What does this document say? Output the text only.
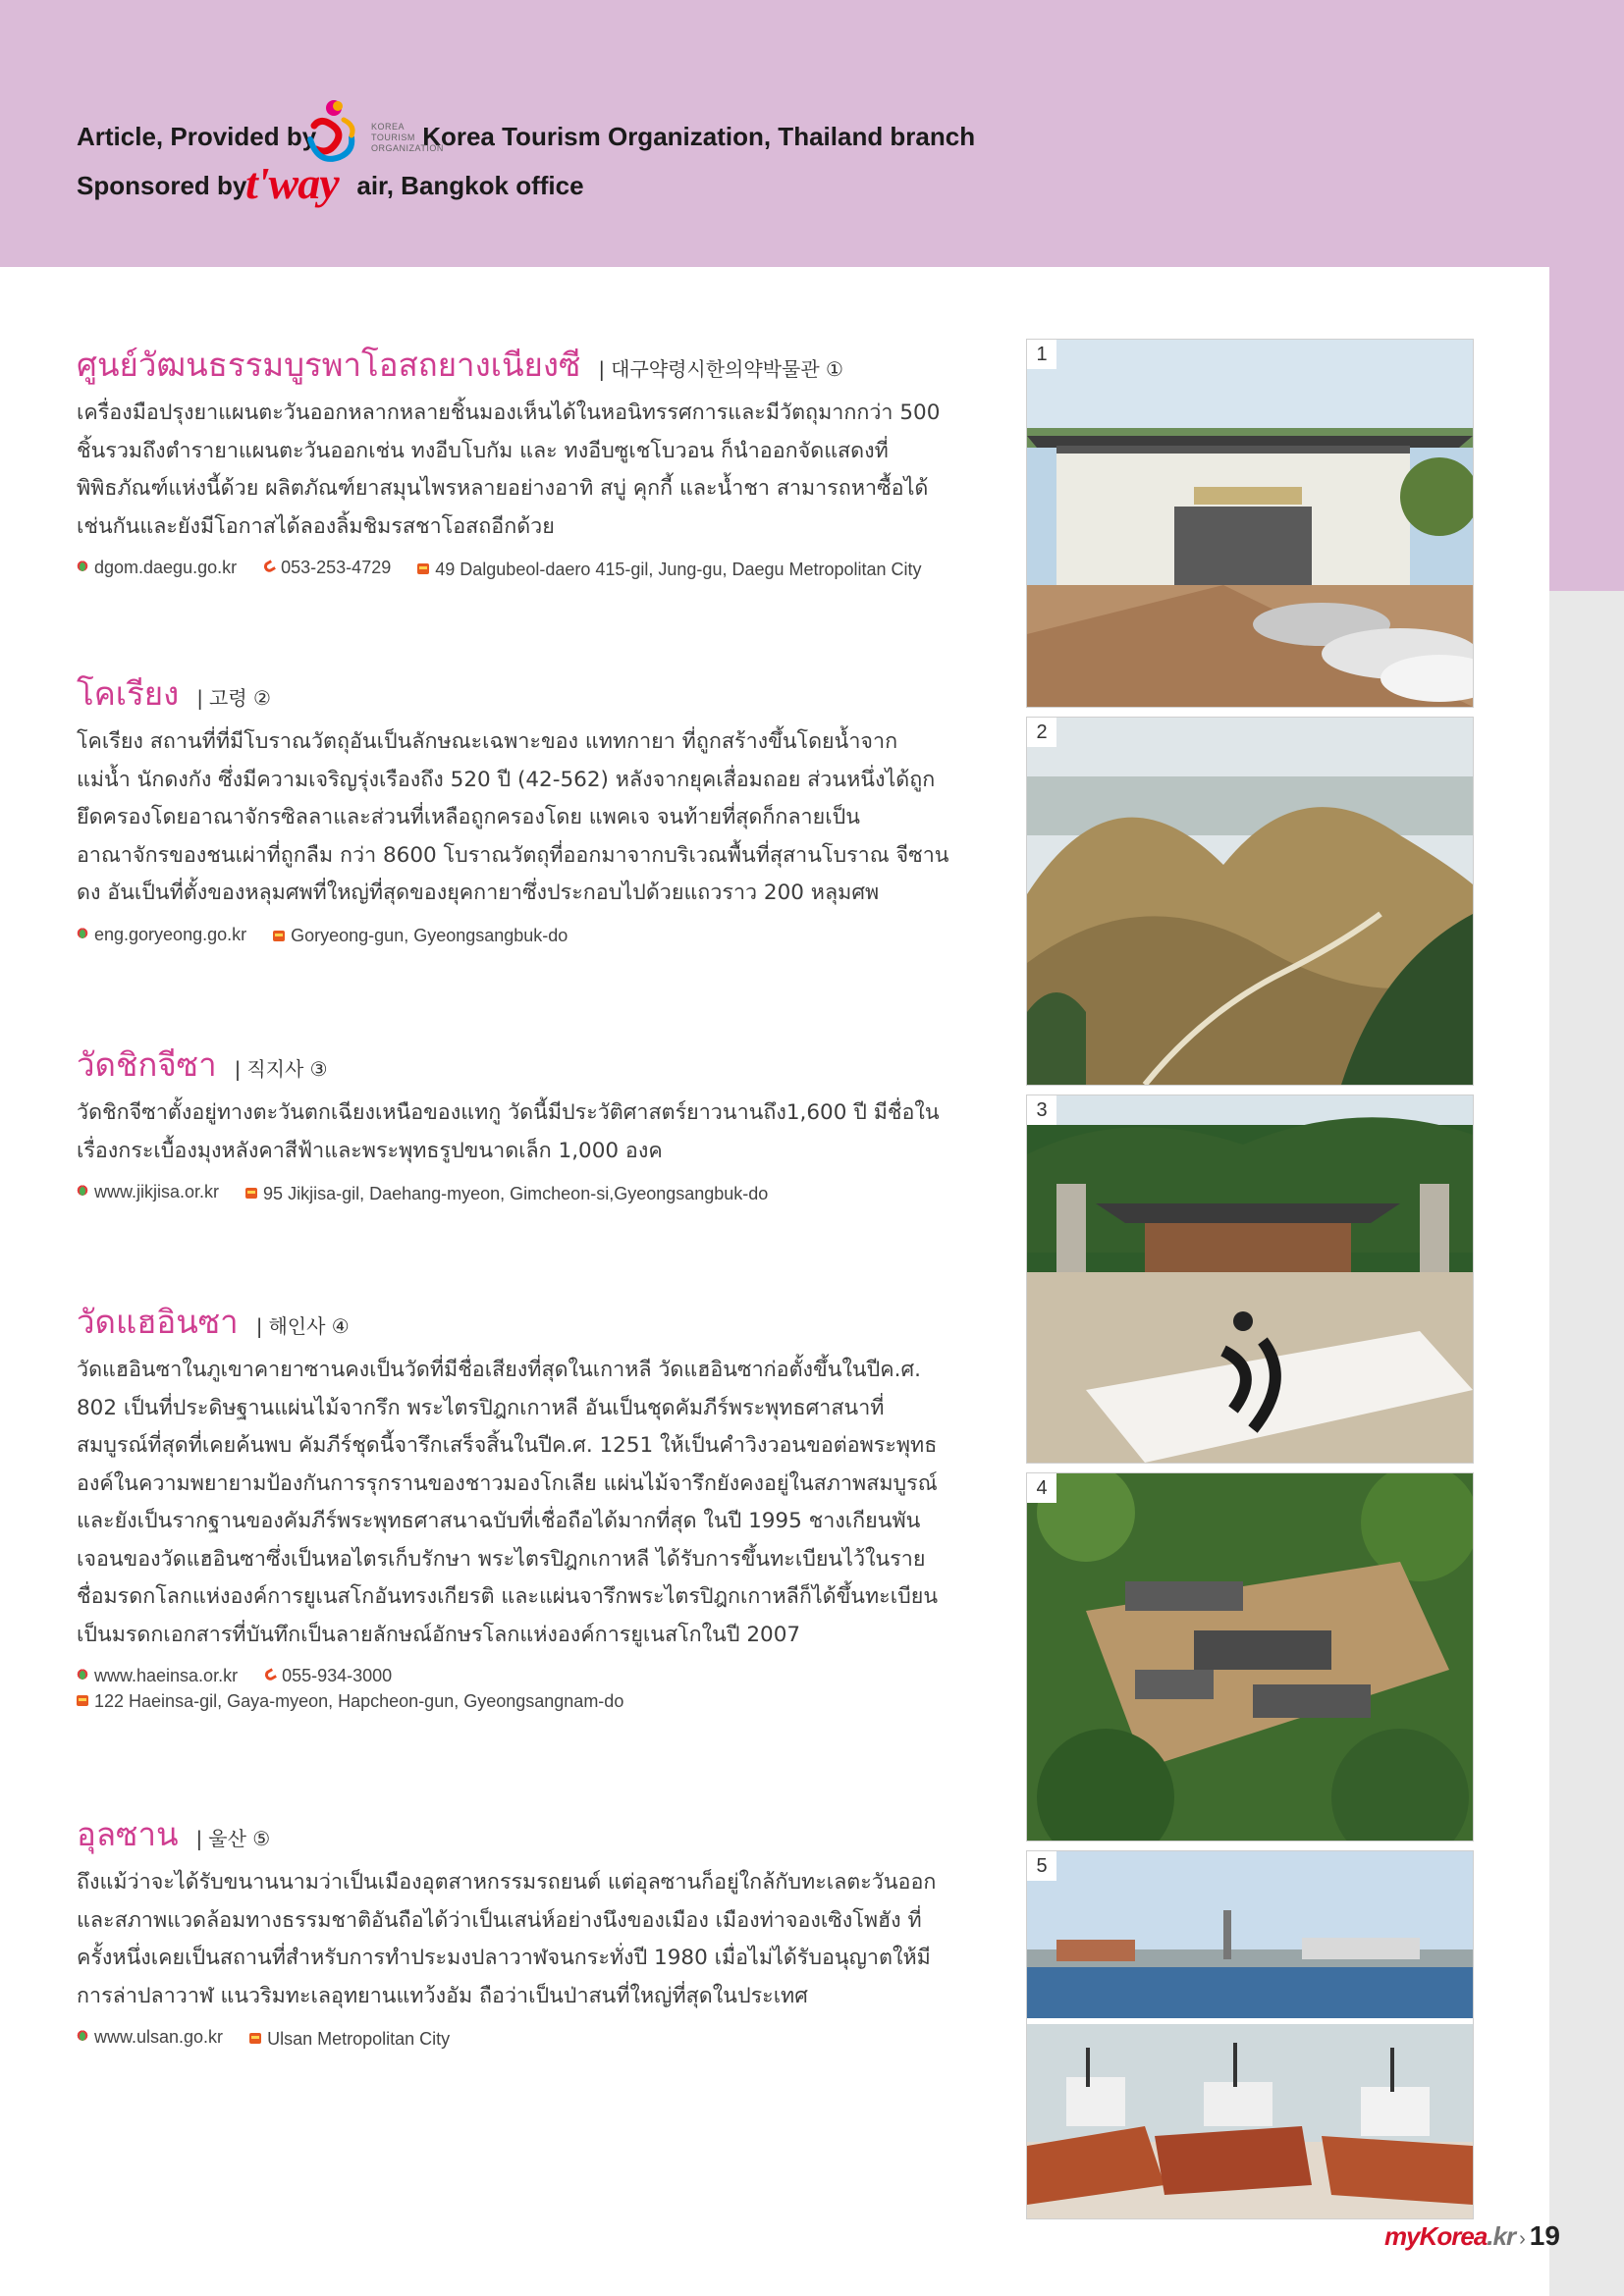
Article, Provided by	Korea Tourism Organization, Thailand branch
KOREA
TOURISM
ORGANIZATION
Sponsored by	air, Bangkok office
t'way
ศูนย์วัฒนธรรมบูรพาโอสถยางเนียงซี | 대구약령시한의약박물관 ①
เครื่องมือปรุงยาแผนตะวันออกหลากหลายชิ้นมองเห็นได้ในหอนิทรรศการและมีวัตถุมากกว่า 500 ชิ้นรวมถึงตำรายาแผนตะวันออกเช่น ทงอีบโบกัม และ ทงอีบซูเชโบวอน ก็นำออกจัดแสดงที่พิพิธภัณฑ์แห่งนี้ด้วย ผลิตภัณฑ์ยาสมุนไพรหลายอย่างอาทิ สบู่ คุกกี้ และน้ำชา สามารถหาซื้อได้เช่นกันและยังมีโอกาสได้ลองลิ้มชิมรสชาโอสถอีกด้วย
dgom.daegu.go.kr
	053-253-4729
	49 Dalgubeol-daero 415-gil, Jung-gu, Daegu Metropolitan City
โคเรียง | 고령 ②
โคเรียง สถานที่ที่มีโบราณวัตถุอันเป็นลักษณะเฉพาะของ แททกายา ที่ถูกสร้างขึ้นโดยน้ำจากแม่น้ำ นักดงกัง ซึ่งมีความเจริญรุ่งเรืองถึง 520 ปี (42-562) หลังจากยุคเสื่อมถอย ส่วนหนึ่งได้ถูกยึดครองโดยอาณาจักรซิลลาและส่วนที่เหลือถูกครองโดย แพคเจ จนท้ายที่สุดก็กลายเป็นอาณาจักรของชนเผ่าที่ถูกลืม กว่า 8600 โบราณวัตถุที่ออกมาจากบริเวณพื้นที่สุสานโบราณ จีซานดง อันเป็นที่ตั้งของหลุมศพที่ใหญ่ที่สุดของยุคกายาซึ่งประกอบไปด้วยแถวราว 200 หลุมศพ
eng.goryeong.go.kr
	Goryeong-gun, Gyeongsangbuk-do
วัดชิกจีซา | 직지사 ③
วัดชิกจีซาตั้งอยู่ทางตะวันตกเฉียงเหนือของแทกู วัดนี้มีประวัติศาสตร์ยาวนานถึง1,600 ปี มีชื่อในเรื่องกระเบื้องมุงหลังคาสีฟ้าและพระพุทธรูปขนาดเล็ก 1,000 องค
www.jikjisa.or.kr
	95 Jikjisa-gil, Daehang-myeon, Gimcheon-si,Gyeongsangbuk-do
วัดแฮอินซา | 해인사 ④
วัดแฮอินซาในภูเขาคายาซานคงเป็นวัดที่มีชื่อเสียงที่สุดในเกาหลี วัดแฮอินซาก่อตั้งขึ้นในปีค.ศ. 802 เป็นที่ประดิษฐานแผ่นไม้จากรึก พระไตรปิฎกเกาหลี อันเป็นชุดคัมภีร์พระพุทธศาสนาที่สมบูรณ์ที่สุดที่เคยค้นพบ คัมภีร์ชุดนี้จารึกเสร็จสิ้นในปีค.ศ. 1251 ให้เป็นคำวิงวอนขอต่อพระพุทธองค์ในความพยายามป้องกันการรุกรานของชาวมองโกเลีย แผ่นไม้จารึกยังคงอยู่ในสภาพสมบูรณ์และยังเป็นรากฐานของคัมภีร์พระพุทธศาสนาฉบับที่เชื่อถือได้มากที่สุด ในปี 1995 ชางเกียนพันเจอนของวัดแฮอินซาซึ่งเป็นหอไตรเก็บรักษา พระไตรปิฎกเกาหลี ได้รับการขึ้นทะเบียนไว้ในรายชื่อมรดกโลกแห่งองค์การยูเนสโกอันทรงเกียรติ และแผ่นจารึกพระไตรปิฎกเกาหลีก็ได้ขึ้นทะเบียนเป็นมรดกเอกสารที่บันทึกเป็นลายลักษณ์อักษรโลกแห่งองค์การยูเนสโกในปี 2007
www.haeinsa.or.kr
	055-934-3000
122 Haeinsa-gil, Gaya-myeon, Hapcheon-gun, Gyeongsangnam-do
อุลซาน | 울산 ⑤
ถึงแม้ว่าจะได้รับขนานนามว่าเป็นเมืองอุตสาหกรรมรถยนต์ แต่อุลซานก็อยู่ใกล้กับทะเลตะวันออกและสภาพแวดล้อมทางธรรมชาติอันถือได้ว่าเป็นเสน่ห์อย่างนึงของเมือง เมืองท่าจองเซิงโพฮัง ที่ครั้งหนึ่งเคยเป็นสถานที่สำหรับการทำประมงปลาวาฬจนกระทั่งปี 1980 เมื่อไม่ได้รับอนุญาตให้มีการล่าปลาวาฬ แนวริมทะเลอุทยานแทว้งอัม ถือว่าเป็นป่าสนที่ใหญ่ที่สุดในประเทศ
www.ulsan.go.kr
	Ulsan Metropolitan City
1
2
3
4
5
myKorea.kr › 19
